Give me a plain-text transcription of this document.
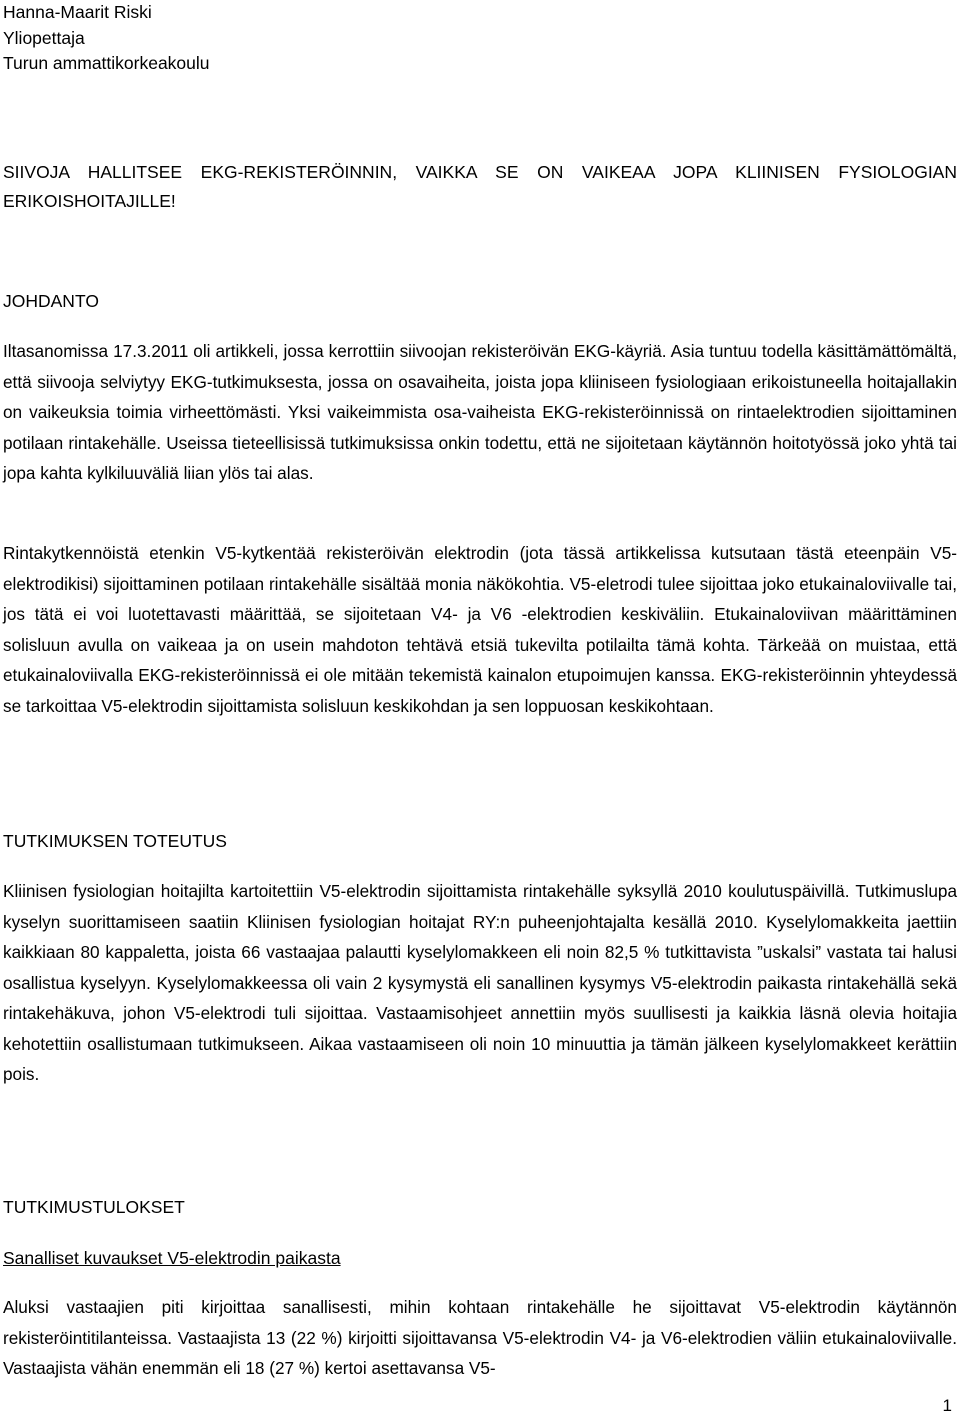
Hanna-Maarit Riski

Yliopettaja

Turun ammattikorkeakoulu

SIIVOJA HALLITSEE EKG-REKISTERÖINNIN, VAIKKA SE ON VAIKEAA JOPA KLIINISEN FYSIOLOGIAN ERIKOISHOITAJILLE!

JOHDANTO

Iltasanomissa 17.3.2011 oli artikkeli, jossa kerrottiin siivoojan rekisteröivän EKG-käyriä. Asia tuntuu todella käsittämättömältä, että siivooja selviytyy EKG-tutkimuksesta, jossa on osavaiheita, joista jopa kliiniseen fysiologiaan erikoistuneella hoitajallakin on vaikeuksia toimia virheettömästi. Yksi vaikeimmista osa-vaiheista EKG-rekisteröinnissä on rintaelektrodien sijoittaminen potilaan rintakehälle. Useissa tieteellisissä tutkimuksissa onkin todettu, että ne sijoitetaan käytännön hoitotyössä joko yhtä tai jopa kahta kylkiluuväliä liian ylös tai alas.

Rintakytkennöistä etenkin V5-kytkentää rekisteröivän elektrodin (jota tässä artikkelissa kutsutaan tästä eteenpäin V5-elektrodikisi) sijoittaminen potilaan rintakehälle sisältää monia näkökohtia. V5-eletrodi tulee sijoittaa joko etukainaloviivalle tai, jos tätä ei voi luotettavasti määrittää, se sijoitetaan V4- ja V6 -elektrodien keskiväliin. Etukainaloviivan määrittäminen solisluun avulla on vaikeaa ja on usein mahdoton tehtävä etsiä tukevilta potilailta tämä kohta. Tärkeää on muistaa, että etukainaloviivalla EKG-rekisteröinnissä ei ole mitään tekemistä kainalon etupoimujen kanssa. EKG-rekisteröinnin yhteydessä se tarkoittaa V5-elektrodin sijoittamista solisluun keskikohdan ja sen loppuosan keskikohtaan.

TUTKIMUKSEN TOTEUTUS

Kliinisen fysiologian hoitajilta kartoitettiin V5-elektrodin sijoittamista rintakehälle syksyllä 2010 koulutuspäivillä. Tutkimuslupa kyselyn suorittamiseen saatiin Kliinisen fysiologian hoitajat RY:n puheenjohtajalta kesällä 2010. Kyselylomakkeita jaettiin kaikkiaan 80 kappaletta, joista 66 vastaajaa palautti kyselylomakkeen eli noin 82,5 % tutkittavista ”uskalsi” vastata tai halusi osallistua kyselyyn. Kyselylomakkeessa oli vain 2 kysymystä eli sanallinen kysymys V5-elektrodin paikasta rintakehällä sekä rintakehäkuva, johon V5-elektrodi tuli sijoittaa. Vastaamisohjeet annettiin myös suullisesti ja kaikkia läsnä olevia hoitajia kehotettiin osallistumaan tutkimukseen. Aikaa vastaamiseen oli noin 10 minuuttia ja tämän jälkeen kyselylomakkeet kerättiin pois.

TUTKIMUSTULOKSET

Sanalliset kuvaukset V5-elektrodin paikasta

Aluksi vastaajien piti kirjoittaa sanallisesti, mihin kohtaan rintakehälle he sijoittavat V5-elektrodin käytännön rekisteröintitilanteissa. Vastaajista 13 (22 %) kirjoitti sijoittavansa V5-elektrodin V4- ja V6-elektrodien väliin etukainaloviivalle. Vastaajista vähän enemmän eli 18 (27 %) kertoi asettavansa V5-

1
